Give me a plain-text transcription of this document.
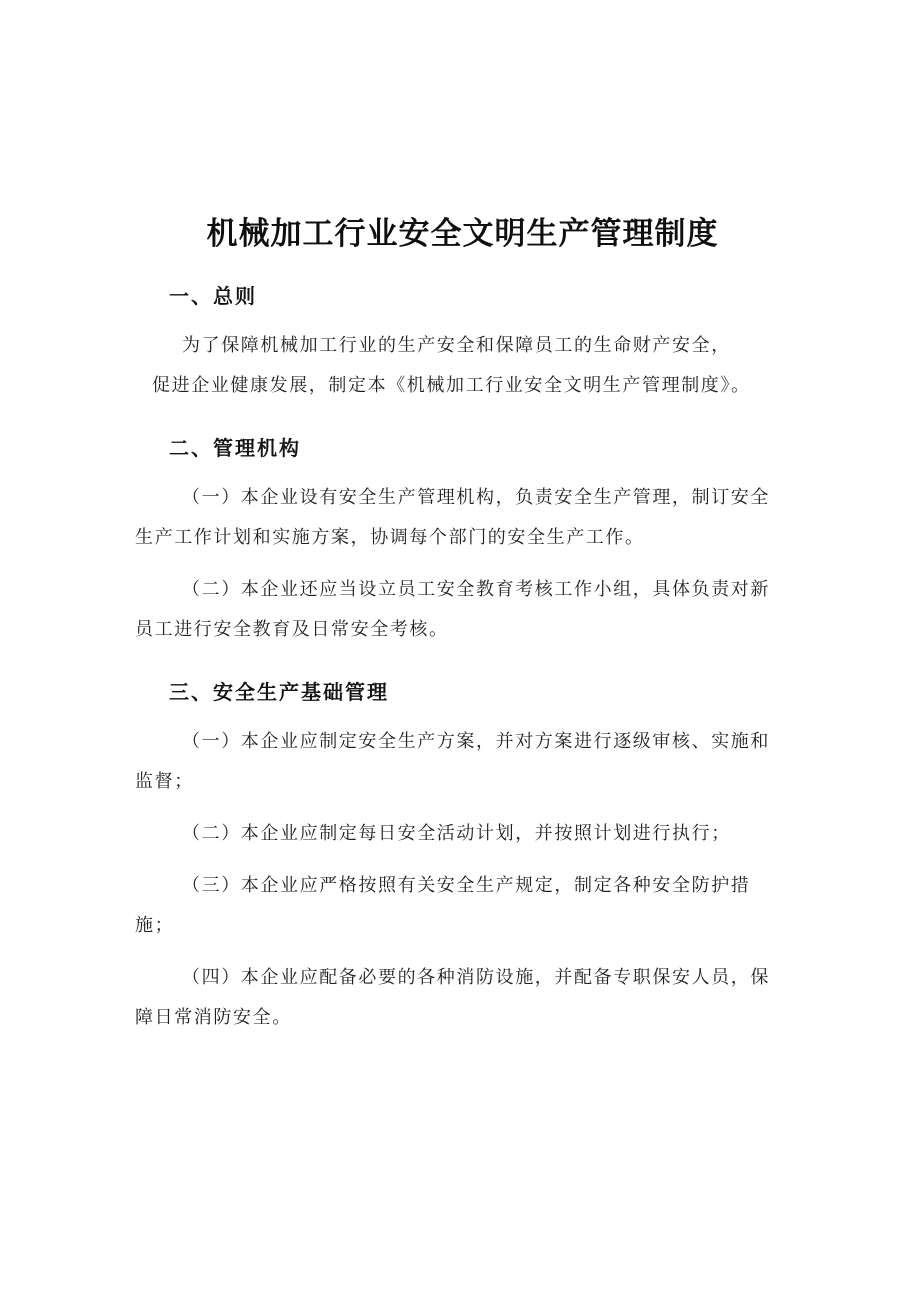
机械加工行业安全文明生产管理制度
一、总则

为了保障机械加工行业的生产安全和保障员工的生命财产安全，
促进企业健康发展，制定本《机械加工行业安全文明生产管理制度》。

二、管理机构

（一）本企业设有安全生产管理机构，负责安全生产管理，制订安全
生产工作计划和实施方案，协调每个部门的安全生产工作。

（二）本企业还应当设立员工安全教育考核工作小组，具体负责对新
员工进行安全教育及日常安全考核。

三、安全生产基础管理

（一）本企业应制定安全生产方案，并对方案进行逐级审核、实施和
监督；

（二）本企业应制定每日安全活动计划，并按照计划进行执行；

（三）本企业应严格按照有关安全生产规定，制定各种安全防护措
施；

（四）本企业应配备必要的各种消防设施，并配备专职保安人员，保
障日常消防安全。
